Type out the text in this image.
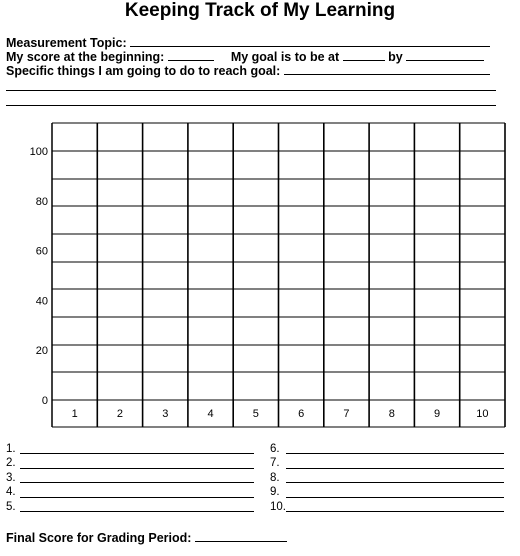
Keeping Track of My Learning
Measurement Topic:
My score at the beginning:	My goal is to be at	by
Specific things I am going to do to reach goal:
0
20
40
60
80
100
1	2	3	4	5	6	7	8	9	10
1.
2.
3.
4.
5.
6.
7.
8.
9.
10.
Final Score for Grading Period:
